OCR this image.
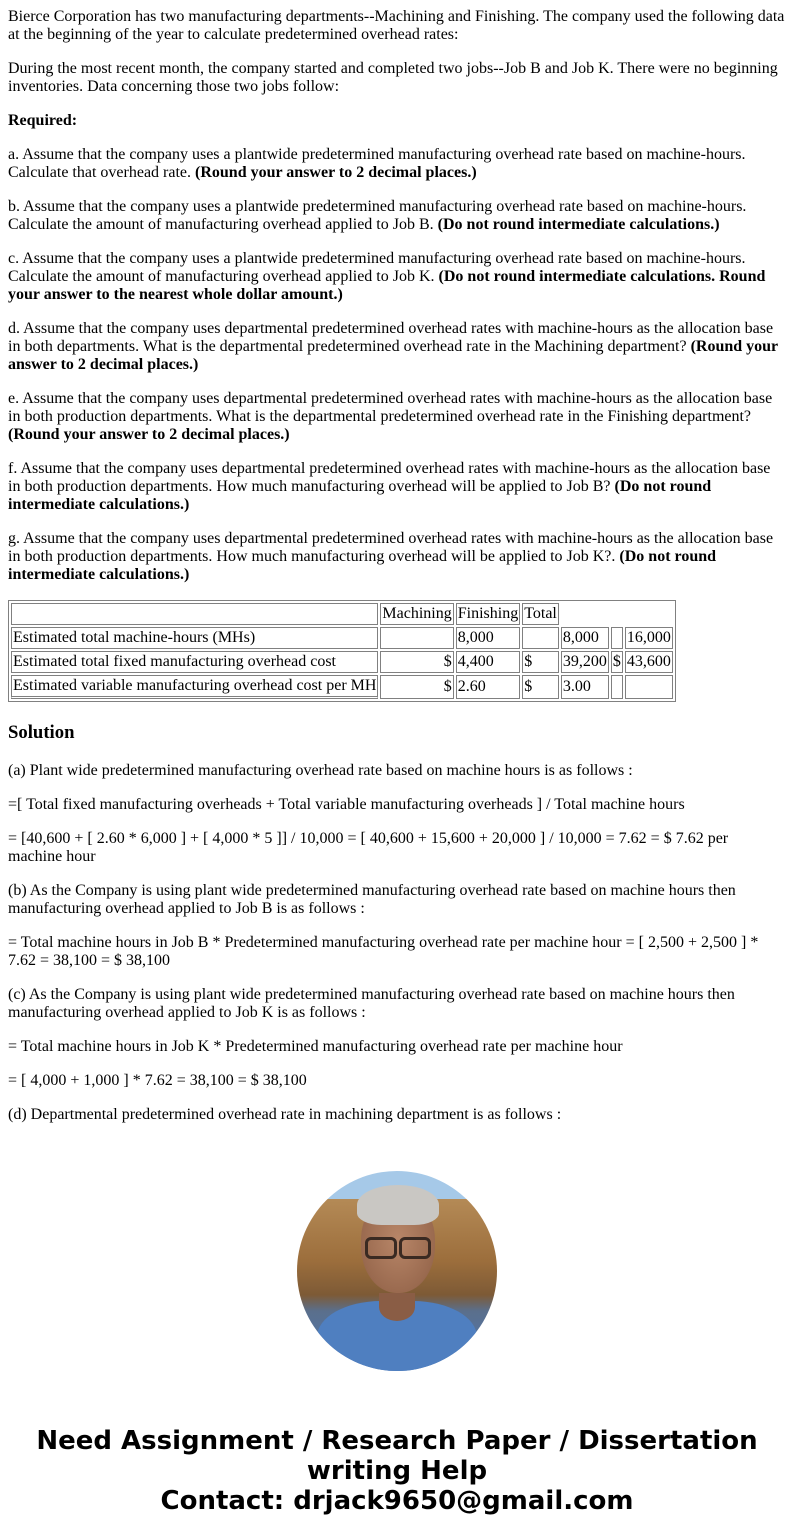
Bierce Corporation has two manufacturing departments--Machining and Finishing. The company used the following data at the beginning of the year to calculate predetermined overhead rates:

During the most recent month, the company started and completed two jobs--Job B and Job K. There were no beginning inventories. Data concerning those two jobs follow:

Required:

a. Assume that the company uses a plantwide predetermined manufacturing overhead rate based on machine-hours. Calculate that overhead rate. (Round your answer to 2 decimal places.)

b. Assume that the company uses a plantwide predetermined manufacturing overhead rate based on machine-hours. Calculate the amount of manufacturing overhead applied to Job B. (Do not round intermediate calculations.)

c. Assume that the company uses a plantwide predetermined manufacturing overhead rate based on machine-hours. Calculate the amount of manufacturing overhead applied to Job K. (Do not round intermediate calculations. Round your answer to the nearest whole dollar amount.)

d. Assume that the company uses departmental predetermined overhead rates with machine-hours as the allocation base in both departments. What is the departmental predetermined overhead rate in the Machining department? (Round your answer to 2 decimal places.)

e. Assume that the company uses departmental predetermined overhead rates with machine-hours as the allocation base in both production departments. What is the departmental predetermined overhead rate in the Finishing department? (Round your answer to 2 decimal places.)

f. Assume that the company uses departmental predetermined overhead rates with machine-hours as the allocation base in both production departments. How much manufacturing overhead will be applied to Job B? (Do not round intermediate calculations.)

g. Assume that the company uses departmental predetermined overhead rates with machine-hours as the allocation base in both production departments. How much manufacturing overhead will be applied to Job K?. (Do not round intermediate calculations.)

	Machining	Finishing	Total			
Estimated total machine-hours (MHs)		8,000		8,000		16,000
Estimated total fixed manufacturing overhead cost	$	4,400	$	39,200	$	43,600
Estimated variable manufacturing overhead cost per MH	$	2.60	$	3.00		
Solution

(a) Plant wide predetermined manufacturing overhead rate based on machine hours is as follows :

=[ Total fixed manufacturing overheads + Total variable manufacturing overheads ] / Total machine hours

= [40,600 + [ 2.60 * 6,000 ] + [ 4,000 * 5 ]] / 10,000 = [ 40,600 + 15,600 + 20,000 ] / 10,000 = 7.62 = $ 7.62 per machine hour

(b) As the Company is using plant wide predetermined manufacturing overhead rate based on machine hours then manufacturing overhead applied to Job B is as follows :

= Total machine hours in Job B * Predetermined manufacturing overhead rate per machine hour = [ 2,500 + 2,500 ] * 7.62 = 38,100 = $ 38,100

(c) As the Company is using plant wide predetermined manufacturing overhead rate based on machine hours then manufacturing overhead applied to Job K is as follows :

= Total machine hours in Job K * Predetermined manufacturing overhead rate per machine hour

= [ 4,000 + 1,000 ] * 7.62 = 38,100 = $ 38,100

(d) Departmental predetermined overhead rate in machining department is as follows :

Need Assignment / Research Paper / Dissertation writing Help
Contact: drjack9650@gmail.com
